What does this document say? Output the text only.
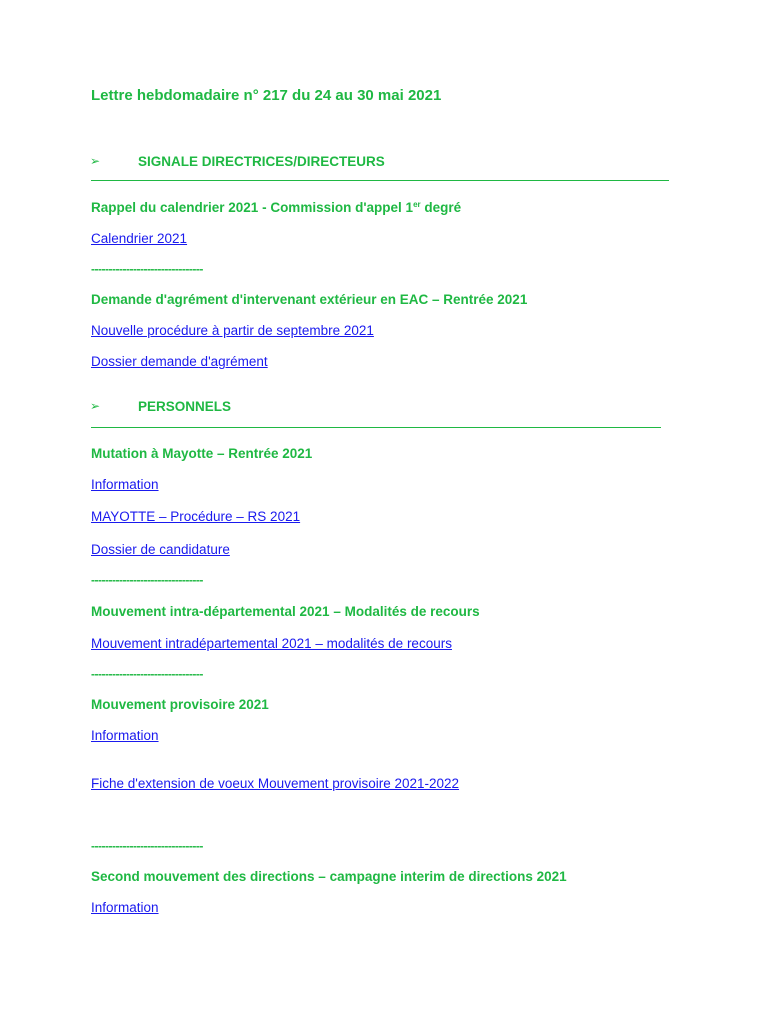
Lettre hebdomadaire n° 217 du 24 au 30 mai 2021
➢	SIGNALE DIRECTRICES/DIRECTEURS
Rappel du calendrier 2021 - Commission d'appel 1er degré
Calendrier 2021
--------------------------------
Demande d'agrément d'intervenant extérieur en EAC – Rentrée 2021
Nouvelle procédure à partir de septembre 2021
Dossier demande d'agrément
➢	PERSONNELS
Mutation à Mayotte – Rentrée 2021
Information
MAYOTTE – Procédure – RS 2021
Dossier de candidature
--------------------------------
Mouvement intra-départemental 2021 – Modalités de recours
Mouvement intradépartemental 2021 – modalités de recours
--------------------------------
Mouvement provisoire 2021
Information
Fiche d'extension de voeux Mouvement provisoire 2021-2022
--------------------------------
Second mouvement des directions – campagne interim de directions 2021
Information
